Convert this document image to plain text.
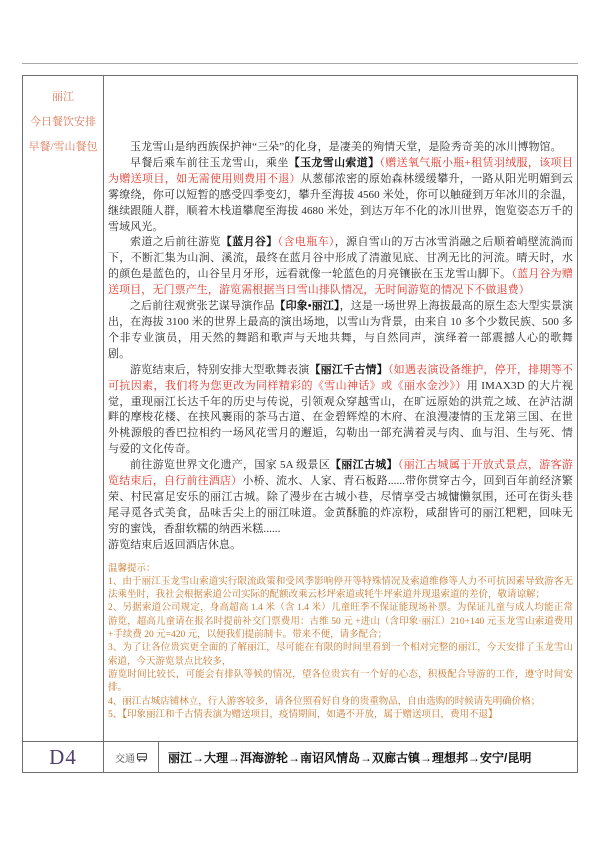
丽江
今日餐饮安排
早餐/雪山餐包	玉龙雪山是纳西族保护神“三朵”的化身，是凄美的殉情天堂，是险秀奇美的冰川博物馆。

早餐后乘车前往玉龙雪山，乘坐【玉龙雪山索道】（赠送氧气瓶小瓶+租赁羽绒服，该项目为赠送项目，如无需使用则费用不退）从葱郁浓密的原始森林缓缓攀升，一路从阳光明媚到云雾缭绕，你可以短暂的感受四季变幻，攀升至海拔 4560 米处，你可以触碰到万年冰川的余温，继续跟随人群，顺着木栈道攀爬至海拔 4680 米处，到达万年不化的冰川世界，饱览姿态万千的雪域风光。

索道之后前往游览【蓝月谷】（含电瓶车），源自雪山的万古冰雪消融之后顺着峭壁流淌而下，不断汇集为山涧、溪流，最终在蓝月谷中形成了清澈见底、甘冽无比的河流。晴天时，水的颜色是蓝色的，山谷呈月牙形，远看就像一轮蓝色的月亮镶嵌在玉龙雪山脚下。（蓝月谷为赠送项目，无门票产生，游览需根据当日雪山排队情况，无时间游览的情况下不做退费）

之后前往观赏张艺谋导演作品【印象•丽江】，这是一场世界上海拔最高的原生态大型实景演出，在海拔 3100 米的世界上最高的演出场地，以雪山为背景，由来自 10 多个少数民族、500 多个非专业演员，用天然的舞蹈和歌声与天地共舞，与自然同声，演绎着一部震撼人心的歌舞剧。

游览结束后，特别安排大型歌舞表演【丽江千古情】（如遇表演设备维护，停开，排期等不可抗因素，我们将为您更改为同样精彩的《雪山神话》或《丽水金沙》）用 IMAX3D 的大片视觉，重现丽江长达千年的历史与传说，引领观众穿越雪山，在旷远原始的洪荒之域、在泸沽湖畔的摩梭花楼、在挟风裹雨的茶马古道、在金碧辉煌的木府、在浪漫凄情的玉龙第三国、在世外桃源般的香巴拉相约一场风花雪月的邂逅，勾勒出一部充满着灵与肉、血与泪、生与死、情与爱的文化传奇。

前往游览世界文化遗产，国家 5A 级景区【丽江古城】（丽江古城属于开放式景点，游客游览结束后，自行前往酒店）小桥、流水、人家、青石板路......带你贯穿古今，回到百年前经济繁荣、村民富足安乐的丽江古城。除了漫步在古城小巷，尽情享受古城慵懒氛围，还可在街头巷尾寻觅各式美食，品味舌尖上的丽江味道。金黄酥脆的炸凉粉，咸甜皆可的丽江粑粑，回味无穷的蜜饯，香甜软糯的纳西米糕......

游览结束后返回酒店休息。

温馨提示：
1、由于丽江玉龙雪山索道实行限流政策和受风季影响停开等特殊情况及索道维修等人力不可抗因素导致游客无法乘坐时，我社会根据索道公司实际的配额改乘云杉坪索道或牦牛坪索道并现退索道的差价，敬请谅解；
2、另据索道公司规定，身高超高 1.4 米（含 1.4 米）儿童旺季不保证能现场补票。为保证儿童与成人均能正常游览，超高儿童请在报名时提前补交门票费用：古维 50 元 +进山（含印象·丽江）210+140 元玉龙雪山索道费用+手续费 20 元=420 元，以便我们提前制卡。带来不便，请多配合；
3、为了让各位贵宾更全面的了解丽江，尽可能在有限的时间里看到一个相对完整的丽江，今天安排了玉龙雪山索道，今天游览景点比较多，
游览时间比较长，可能会有排队等候的情况，望各位贵宾有一个好的心态，积极配合导游的工作，遵守时间安排。
4、丽江古城店铺林立，行人游客较多，请各位照看好自身的贵重物品，自由选购的时候请先明确价格；
5、【印象丽江和千古情表演为赠送项目，疫情期间，如遇不开放，属于赠送项目，费用不退】
D4	交通	丽江→大理→洱海游轮→南诏风情岛→双廊古镇→理想邦→安宁/昆明
